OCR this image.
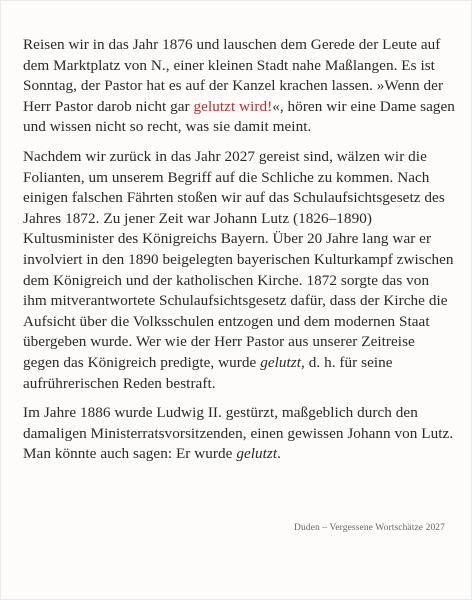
Reisen wir in das Jahr 1876 und lauschen dem Gerede der Leute auf dem Marktplatz von N., einer kleinen Stadt nahe Maßlangen. Es ist Sonntag, der Pastor hat es auf der Kanzel krachen lassen. »Wenn der Herr Pastor darob nicht gar gelutzt wird!«, hören wir eine Dame sagen und wissen nicht so recht, was sie damit meint.

Nachdem wir zurück in das Jahr 2027 gereist sind, wälzen wir die Folianten, um unserem Begriff auf die Schliche zu kommen. Nach einigen falschen Fährten stoßen wir auf das Schulaufsichtsgesetz des Jahres 1872. Zu jener Zeit war Johann Lutz (1826–1890) Kultusminister des Königreichs Bayern. Über 20 Jahre lang war er involviert in den 1890 beigelegten bayerischen Kulturkampf zwischen dem Königreich und der katholischen Kirche. 1872 sorgte das von ihm mitverantwortete Schulaufsichtsgesetz dafür, dass der Kirche die Aufsicht über die Volksschulen entzogen und dem modernen Staat übergeben wurde. Wer wie der Herr Pastor aus unserer Zeitreise gegen das Königreich predigte, wurde gelutzt, d. h. für seine aufrührerischen Reden bestraft.

Im Jahre 1886 wurde Ludwig II. gestürzt, maßgeblich durch den damaligen Ministerratsvorsitzenden, einen gewissen Johann von Lutz. Man könnte auch sagen: Er wurde gelutzt.

Duden – Vergessene Wortschätze 2027
